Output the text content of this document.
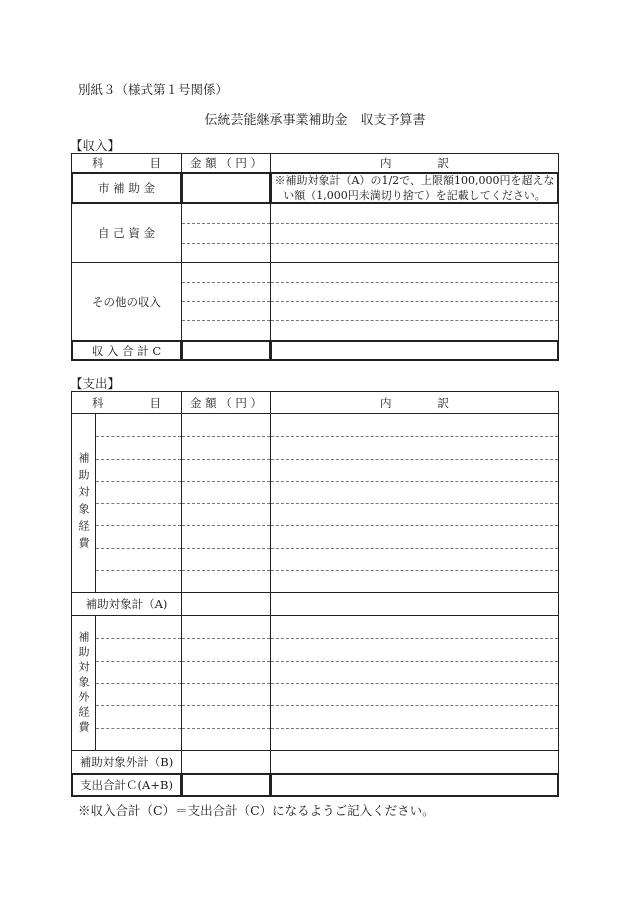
別紙３（様式第１号関係）
伝統芸能継承事業補助金　収支予算書
【収入】
科　　　　目	金 額 （ 円 ）	内　　　　訳
市 補 助 金		※補助対象計（A）の1/2で、上限額100,000円を超えな
い額（1,000円未満切り捨て）を記載してください。

自 己 資 金	

その他の収入	

収 入 合 計 C		
【支出】
科　　　　目		金 額 （ 円 ）	内　　　　訳

補助対象経費			

補助対象計（A)			

補助対象外経費			

補助対象外計（B)			
支出合計Ｃ(A+B)			
※収入合計（C）＝支出合計（C）になるようご記入ください。
